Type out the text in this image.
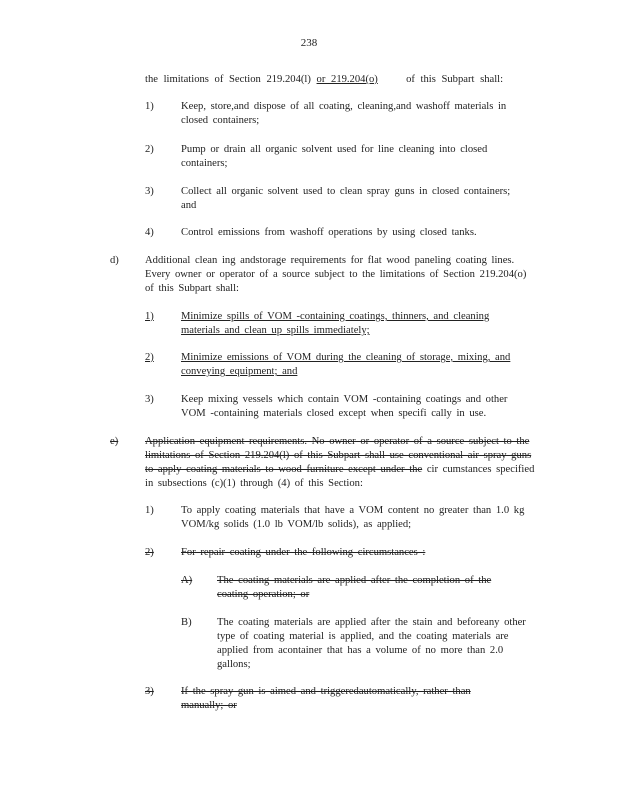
238
the limitations of Section 219.204(l) or 219.204(o)	of this Subpart shall:
1)	Keep, store,and dispose of all coating, cleaning,and washoff materials in closed containers;
2)	Pump or drain all organic solvent used for line cleaning into closed containers;
3)	Collect all organic solvent used to clean spray guns in closed containers; and
4)	Control emissions from washoff operations by using closed tanks.
d)	Additional clean ing andstorage requirements for flat wood paneling coating lines. Every owner or operator of a source subject to the limitations of Section 219.204(o) of this Subpart shall:
1)	Minimize spills of VOM -containing coatings, thinners, and cleaning materials and clean up spills immediately;
2)	Minimize emissions of VOM during the cleaning of storage, mixing, and conveying equipment; and
3)	Keep mixing vessels which contain VOM -containing coatings and other VOM -containing materials closed except when specifi cally in use.
e)	Application equipment requirements. No owner or operator of a source subject to the limitations of Section 219.204(l) of this Subpart shall use conventional air spray guns to apply coating materials to wood furniture except under the cir cumstances specified in subsections (c)(1) through (4) of this Section:
1)	To apply coating materials that have a VOM content no greater than 1.0 kg VOM/kg solids (1.0 lb VOM/lb solids), as applied;
2)	For repair coating under the following circumstances :
A)	The coating materials are applied after the completion of the coating operation; or
B)	The coating materials are applied after the stain and beforeany other type of coating material is applied, and the coating materials are applied from acontainer that has a volume of no more than 2.0 gallons;
3)	If the spray gun is aimed and triggeredautomatically, rather than manually; or
